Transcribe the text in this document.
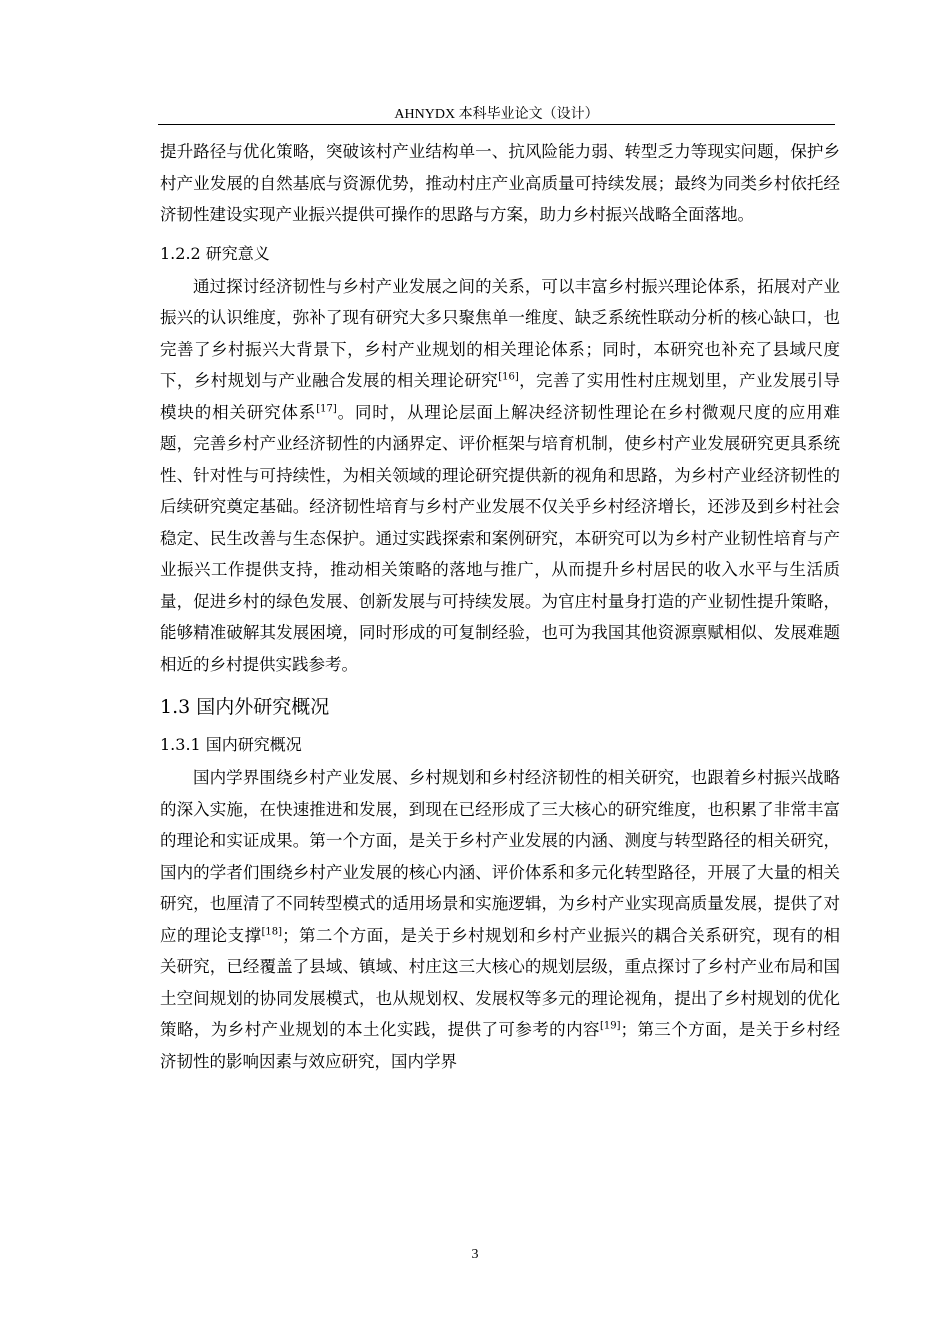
AHNYDX 本科毕业论文（设计）

提升路径与优化策略，突破该村产业结构单一、抗风险能力弱、转型乏力等现实问题，保护乡村产业发展的自然基底与资源优势，推动村庄产业高质量可持续发展；最终为同类乡村依托经济韧性建设实现产业振兴提供可操作的思路与方案，助力乡村振兴战略全面落地。

1.2.2 研究意义

通过探讨经济韧性与乡村产业发展之间的关系，可以丰富乡村振兴理论体系，拓展对产业振兴的认识维度，弥补了现有研究大多只聚焦单一维度、缺乏系统性联动分析的核心缺口，也完善了乡村振兴大背景下，乡村产业规划的相关理论体系；同时，本研究也补充了县域尺度下，乡村规划与产业融合发展的相关理论研究[16]，完善了实用性村庄规划里，产业发展引导模块的相关研究体系[17]。同时，从理论层面上解决经济韧性理论在乡村微观尺度的应用难题，完善乡村产业经济韧性的内涵界定、评价框架与培育机制，使乡村产业发展研究更具系统性、针对性与可持续性，为相关领域的理论研究提供新的视角和思路，为乡村产业经济韧性的后续研究奠定基础。经济韧性培育与乡村产业发展不仅关乎乡村经济增长，还涉及到乡村社会稳定、民生改善与生态保护。通过实践探索和案例研究，本研究可以为乡村产业韧性培育与产业振兴工作提供支持，推动相关策略的落地与推广，从而提升乡村居民的收入水平与生活质量，促进乡村的绿色发展、创新发展与可持续发展。为官庄村量身打造的产业韧性提升策略，能够精准破解其发展困境，同时形成的可复制经验，也可为我国其他资源禀赋相似、发展难题相近的乡村提供实践参考。

1.3 国内外研究概况
1.3.1 国内研究概况

国内学界围绕乡村产业发展、乡村规划和乡村经济韧性的相关研究，也跟着乡村振兴战略的深入实施，在快速推进和发展，到现在已经形成了三大核心的研究维度，也积累了非常丰富的理论和实证成果。第一个方面，是关于乡村产业发展的内涵、测度与转型路径的相关研究，国内的学者们围绕乡村产业发展的核心内涵、评价体系和多元化转型路径，开展了大量的相关研究，也厘清了不同转型模式的适用场景和实施逻辑，为乡村产业实现高质量发展，提供了对应的理论支撑[18]；第二个方面，是关于乡村规划和乡村产业振兴的耦合关系研究，现有的相关研究，已经覆盖了县域、镇域、村庄这三大核心的规划层级，重点探讨了乡村产业布局和国土空间规划的协同发展模式，也从规划权、发展权等多元的理论视角，提出了乡村规划的优化策略，为乡村产业规划的本土化实践，提供了可参考的内容[19]；第三个方面，是关于乡村经济韧性的影响因素与效应研究，国内学界

3
